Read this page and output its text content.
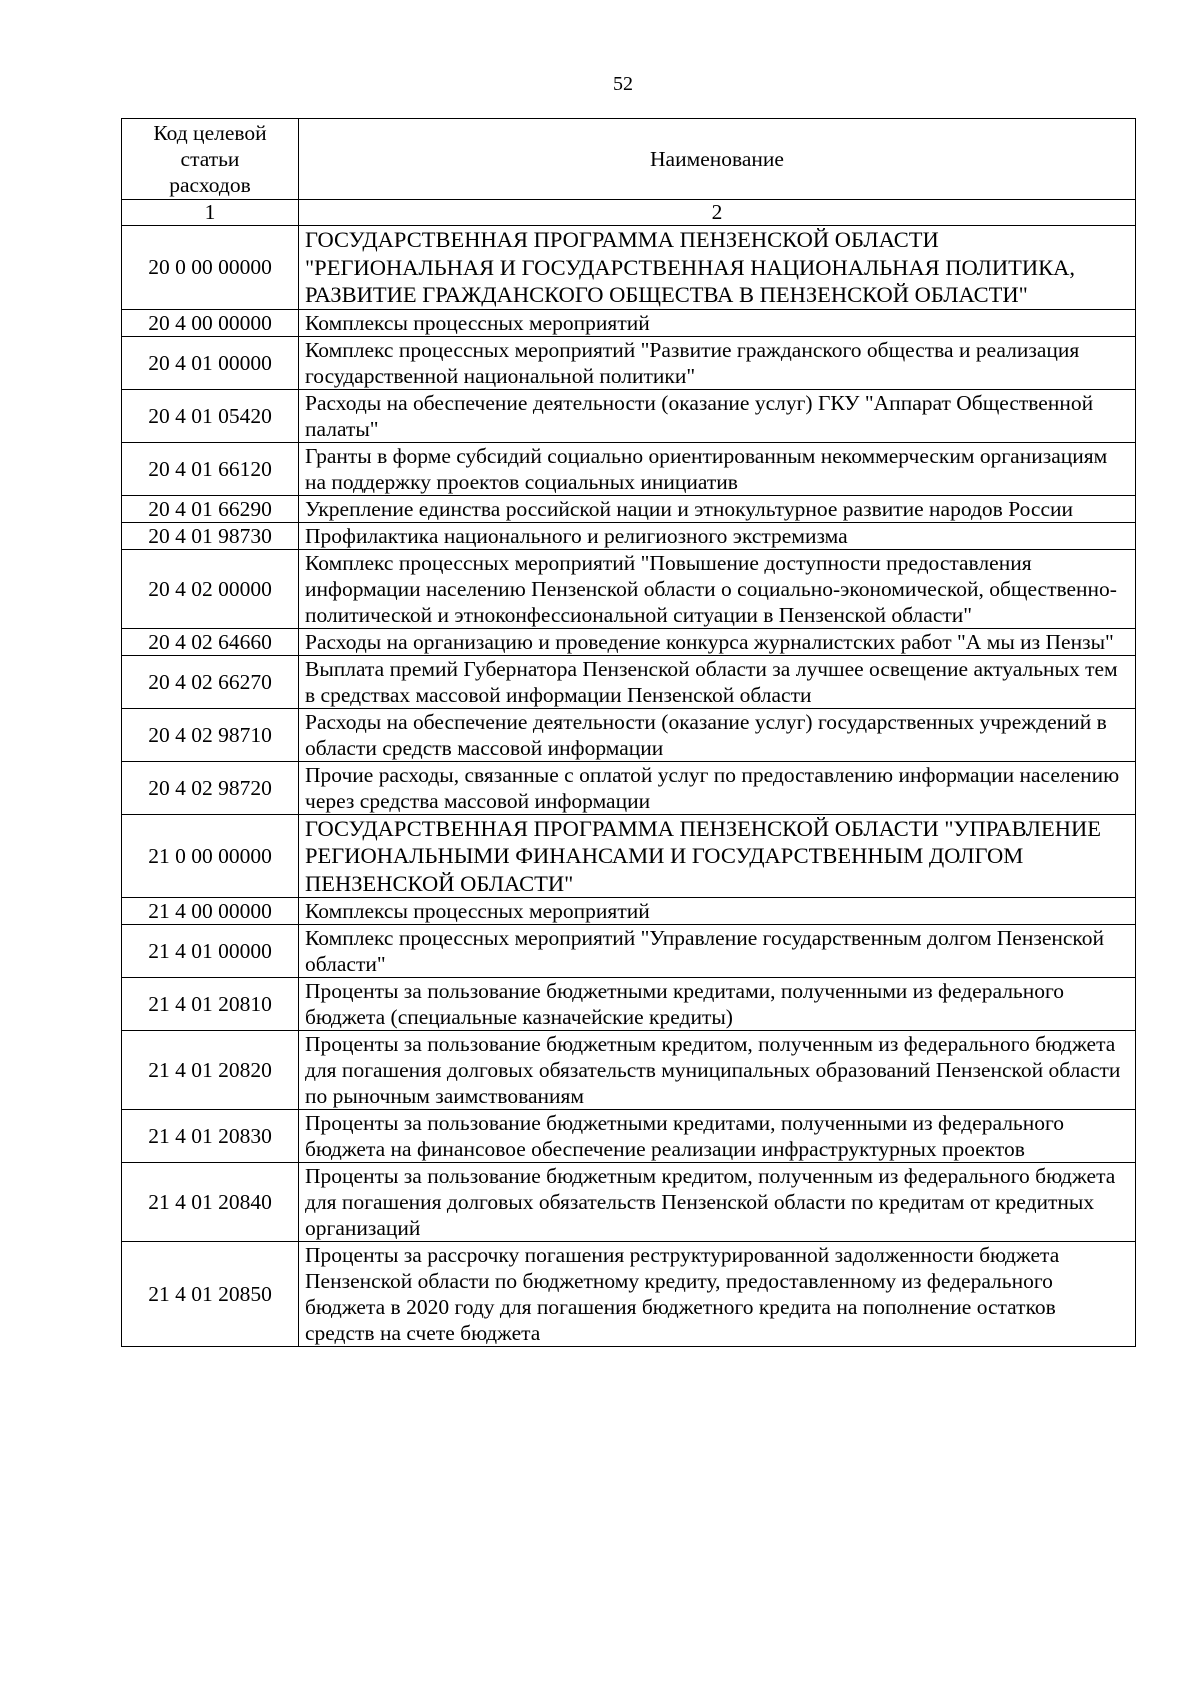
52
Код целевой
статьи
расходов	Наименование
1	2
20 0 00 00000	ГОСУДАРСТВЕННАЯ ПРОГРАММА ПЕНЗЕНСКОЙ ОБЛАСТИ "РЕГИОНАЛЬНАЯ И ГОСУДАРСТВЕННАЯ НАЦИОНАЛЬНАЯ ПОЛИТИКА, РАЗВИТИЕ ГРАЖДАНСКОГО ОБЩЕСТВА В ПЕНЗЕНСКОЙ ОБЛАСТИ"
20 4 00 00000	Комплексы процессных мероприятий
20 4 01 00000	Комплекс процессных мероприятий "Развитие гражданского общества и реализация государственной национальной политики"
20 4 01 05420	Расходы на обеспечение деятельности (оказание услуг) ГКУ "Аппарат Общественной палаты"
20 4 01 66120	Гранты в форме субсидий социально ориентированным некоммерческим организациям на поддержку проектов социальных инициатив
20 4 01 66290	Укрепление единства российской нации и этнокультурное развитие народов России
20 4 01 98730	Профилактика национального и религиозного экстремизма
20 4 02 00000	Комплекс процессных мероприятий "Повышение доступности предоставления информации населению Пензенской области о социально-экономической, общественно-политической и этноконфессиональной ситуации в Пензенской области"
20 4 02 64660	Расходы на организацию и проведение конкурса журналистских работ "А мы из Пензы"
20 4 02 66270	Выплата премий Губернатора Пензенской области за лучшее освещение актуальных тем в средствах массовой информации Пензенской области
20 4 02 98710	Расходы на обеспечение деятельности (оказание услуг) государственных учреждений в области средств массовой информации
20 4 02 98720	Прочие расходы, связанные с оплатой услуг по предоставлению информации населению через средства массовой информации
21 0 00 00000	ГОСУДАРСТВЕННАЯ ПРОГРАММА ПЕНЗЕНСКОЙ ОБЛАСТИ "УПРАВЛЕНИЕ РЕГИОНАЛЬНЫМИ ФИНАНСАМИ И ГОСУДАРСТВЕННЫМ ДОЛГОМ ПЕНЗЕНСКОЙ ОБЛАСТИ"
21 4 00 00000	Комплексы процессных мероприятий
21 4 01 00000	Комплекс процессных мероприятий "Управление государственным долгом Пензенской области"
21 4 01 20810	Проценты за пользование бюджетными кредитами, полученными из федерального бюджета (специальные казначейские кредиты)
21 4 01 20820	Проценты за пользование бюджетным кредитом, полученным из федерального бюджета для погашения долговых обязательств муниципальных образований Пензенской области по рыночным заимствованиям
21 4 01 20830	Проценты за пользование бюджетными кредитами, полученными из федерального бюджета на финансовое обеспечение реализации инфраструктурных проектов
21 4 01 20840	Проценты за пользование бюджетным кредитом, полученным из федерального бюджета для погашения долговых обязательств Пензенской области по кредитам от кредитных организаций
21 4 01 20850	Проценты за рассрочку погашения реструктурированной задолженности бюджета Пензенской области по бюджетному кредиту, предоставленному из федерального бюджета в 2020 году для погашения бюджетного кредита на пополнение остатков средств на счете бюджета
